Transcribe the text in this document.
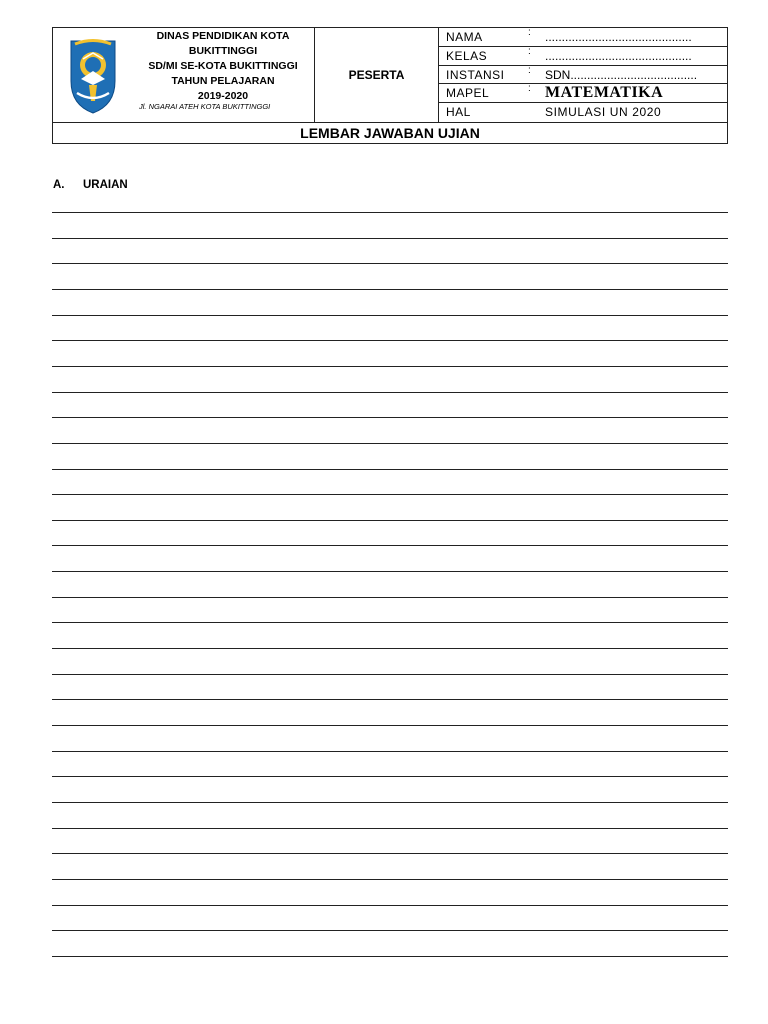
DINAS PENDIDIKAN KOTA
BUKITTINGGI
SD/MI SE-KOTA BUKITTINGGI
TAHUN PELAJARAN
2019-2020
Jl. NGARAI ATEH KOTA BUKITTINGGI
PESERTA
NAMA	: ............................................
KELAS	: ............................................
INSTANSI : SDN......................................
MAPEL	: MATEMATIKA
HAL	SIMULASI UN 2020
LEMBAR JAWABAN UJIAN
A. URAIAN
